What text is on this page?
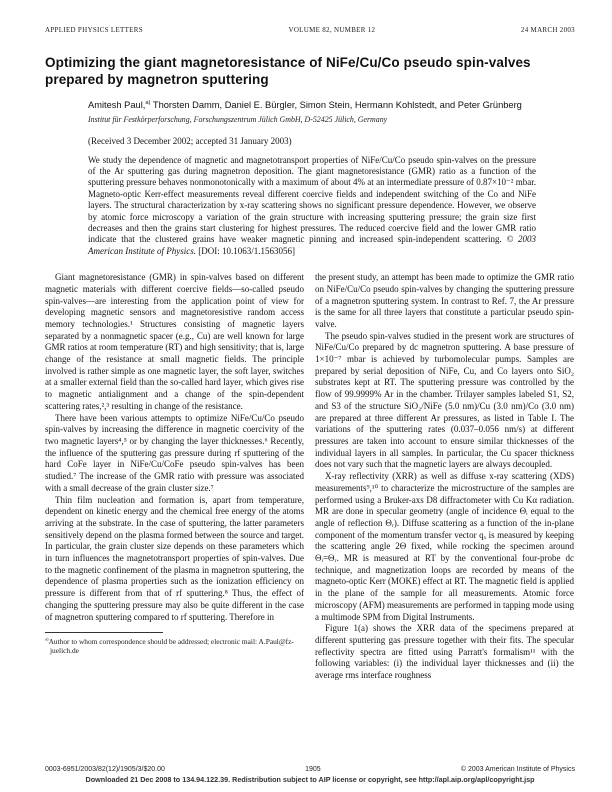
APPLIED PHYSICS LETTERS	VOLUME 82, NUMBER 12	24 MARCH 2003
Optimizing the giant magnetoresistance of NiFe/Cu/Co pseudo spin-valves prepared by magnetron sputtering
Amitesh Paul,$^{a)}$ Thorsten Damm, Daniel E. Bürgler, Simon Stein, Hermann Kohlstedt, and Peter Grünberg
Institut für Festkörperforschung, Forschungszentrum Jülich GmbH, D-52425 Jülich, Germany
(Received 3 December 2002; accepted 31 January 2003)

We study the dependence of magnetic and magnetotransport properties of NiFe/Cu/Co pseudo spin-valves on the pressure of the Ar sputtering gas during magnetron deposition. The giant magnetoresistance (GMR) ratio as a function of the sputtering pressure behaves nonmonotonically with a maximum of about 4% at an intermediate pressure of 0.87×10⁻² mbar. Magneto-optic Kerr-effect measurements reveal different coercive fields and independent switching of the Co and NiFe layers. The structural characterization by x-ray scattering shows no significant pressure dependence. However, we observe by atomic force microscopy a variation of the grain structure with increasing sputtering pressure; the grain size first decreases and then the grains start clustering for highest pressures. The reduced coercive field and the lower GMR ratio indicate that the clustered grains have weaker magnetic pinning and increased spin-independent scattering. © 2003 American Institute of Physics. [DOI: 10.1063/1.1563056]

Giant magnetoresistance (GMR) in spin-valves based on different magnetic materials with different coercive fields—so-called pseudo spin-valves—are interesting from the application point of view for developing magnetic sensors and magnetoresistive random access memory technologies.¹ Structures consisting of magnetic layers separated by a nonmagnetic spacer (e.g., Cu) are well known for large GMR ratios at room temperature (RT) and high sensitivity; that is, large change of the resistance at small magnetic fields. The principle involved is rather simple as one magnetic layer, the soft layer, switches at a smaller external field than the so-called hard layer, which gives rise to magnetic antialignment and a change of the spin-dependent scattering rates,²,³ resulting in change of the resistance.

There have been various attempts to optimize NiFe/Cu/Co pseudo spin-valves by increasing the difference in magnetic coercivity of the two magnetic layers⁴,⁵ or by changing the layer thicknesses.⁶ Recently, the influence of the sputtering gas pressure during rf sputtering of the hard CoFe layer in NiFe/Cu/CoFe pseudo spin-valves has been studied.⁷ The increase of the GMR ratio with pressure was associated with a small decrease of the grain cluster size.⁷

Thin film nucleation and formation is, apart from temperature, dependent on kinetic energy and the chemical free energy of the atoms arriving at the substrate. In the case of sputtering, the latter parameters sensitively depend on the plasma formed between the source and target. In particular, the grain cluster size depends on these parameters which in turn influences the magnetotransport properties of spin-valves. Due to the magnetic confinement of the plasma in magnetron sputtering, the dependence of plasma properties such as the ionization efficiency on pressure is different from that of rf sputtering.⁸ Thus, the effect of changing the sputtering pressure may also be quite different in the case of magnetron sputtering compared to rf sputtering. Therefore in

$^{a)}$Author to whom correspondence should be addressed; electronic mail: A.Paul@fz-juelich.de

the present study, an attempt has been made to optimize the GMR ratio on NiFe/Cu/Co pseudo spin-valves by changing the sputtering pressure of a magnetron sputtering system. In contrast to Ref. 7, the Ar pressure is the same for all three layers that constitute a particular pseudo spin-valve.

The pseudo spin-valves studied in the present work are structures of NiFe/Cu/Co prepared by dc magnetron sputtering. A base pressure of 1×10⁻⁷ mbar is achieved by turbomolecular pumps. Samples are prepared by serial deposition of NiFe, Cu, and Co layers onto SiO₂ substrates kept at RT. The sputtering pressure was controlled by the flow of 99.9999% Ar in the chamber. Trilayer samples labeled S1, S2, and S3 of the structure SiO₂/NiFe (5.0 nm)/Cu (3.0 nm)/Co (3.0 nm) are prepared at three different Ar pressures, as listed in Table I. The variations of the sputtering rates (0.037–0.056 nm/s) at different pressures are taken into account to ensure similar thicknesses of the individual layers in all samples. In particular, the Cu spacer thickness does not vary such that the magnetic layers are always decoupled.

X-ray reflectivity (XRR) as well as diffuse x-ray scattering (XDS) measurements⁹,¹⁰ to characterize the microstructure of the samples are performed using a Bruker-axs D8 diffractometer with Cu Kα radiation. MR are done in specular geometry (angle of incidence Θᵢ equal to the angle of reflection Θᵣ). Diffuse scattering as a function of the in-plane component of the momentum transfer vector qₓ is measured by keeping the scattering angle 2Θ fixed, while rocking the specimen around Θᵢ=Θᵣ. MR is measured at RT by the conventional four-probe dc technique, and magnetization loops are recorded by means of the magneto-optic Kerr (MOKE) effect at RT. The magnetic field is applied in the plane of the sample for all measurements. Atomic force microscopy (AFM) measurements are performed in tapping mode using a multimode SPM from Digital Instruments.

Figure 1(a) shows the XRR data of the specimens prepared at different sputtering gas pressure together with their fits. The specular reflectivity spectra are fitted using Parratt's formalism¹¹ with the following variables: (i) the individual layer thicknesses and (ii) the average rms interface roughness

0003-6951/2003/82(12)/1905/3/$20.00	1905	© 2003 American Institute of Physics
Downloaded 21 Dec 2008 to 134.94.122.39. Redistribution subject to AIP license or copyright, see http://apl.aip.org/apl/copyright.jsp
